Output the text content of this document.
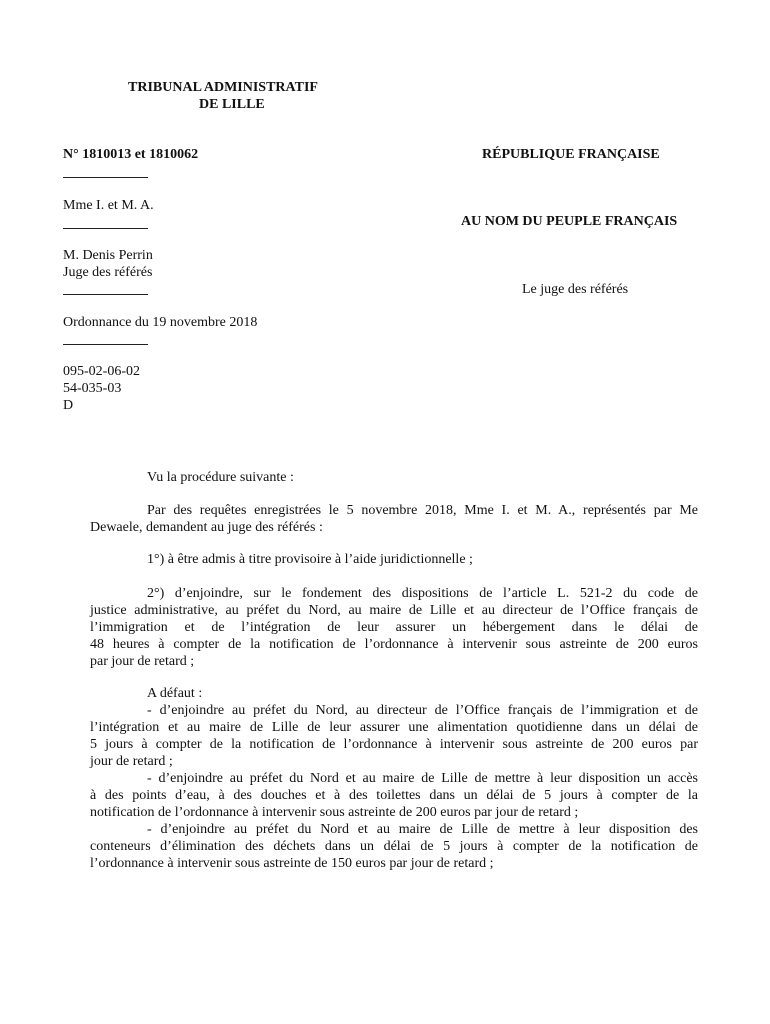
TRIBUNAL ADMINISTRATIF
DE LILLE
N° 1810013 et 1810062	RÉPUBLIQUE FRANÇAISE
Mme I. et M. A.
AU NOM DU PEUPLE FRANÇAIS
M. Denis Perrin
Juge des référés
Le juge des référés
Ordonnance du 19 novembre 2018
095-02-06-02
54-035-03
D
Vu la procédure suivante :
Par des requêtes enregistrées le 5 novembre 2018, Mme I. et M. A., représentés par Me
Dewaele, demandent au juge des référés :
1°) à être admis à titre provisoire à l’aide juridictionnelle ;
2°) d’enjoindre, sur le fondement des dispositions de l’article L. 521-2 du code de
justice administrative, au préfet du Nord, au maire de Lille et au directeur de l’Office français de
l’immigration et de l’intégration de leur assurer un hébergement dans le délai de
48 heures à compter de la notification de l’ordonnance à intervenir sous astreinte de 200 euros
par jour de retard ;
A défaut :
- d’enjoindre au préfet du Nord, au directeur de l’Office français de l’immigration et de
l’intégration et au maire de Lille de leur assurer une alimentation quotidienne dans un délai de
5 jours à compter de la notification de l’ordonnance à intervenir sous astreinte de 200 euros par
jour de retard ;
- d’enjoindre au préfet du Nord et au maire de Lille de mettre à leur disposition un accès
à des points d’eau, à des douches et à des toilettes dans un délai de 5 jours à compter de la
notification de l’ordonnance à intervenir sous astreinte de 200 euros par jour de retard ;
- d’enjoindre au préfet du Nord et au maire de Lille de mettre à leur disposition des
conteneurs d’élimination des déchets dans un délai de 5 jours à compter de la notification de
l’ordonnance à intervenir sous astreinte de 150 euros par jour de retard ;
